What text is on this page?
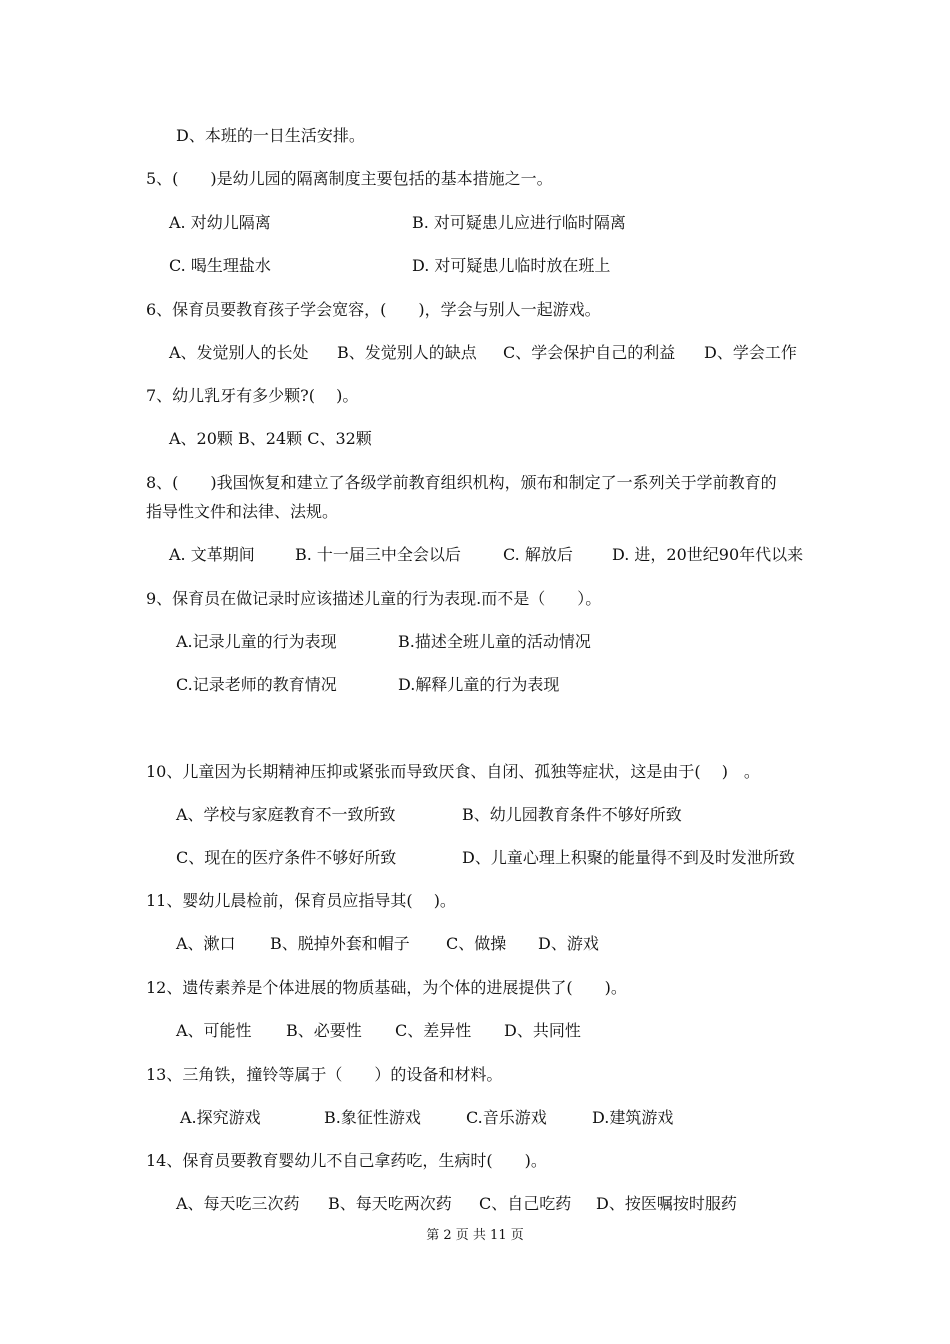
D、本班的一日生活安排。
5、(　　)是幼儿园的隔离制度主要包括的基本措施之一。
A. 对幼儿隔离	B. 对可疑患儿应进行临时隔离
C. 喝生理盐水	D. 对可疑患儿临时放在班上
6、保育员要教育孩子学会宽容，(　　)，学会与别人一起游戏。
A、发觉别人的长处 B、发觉别人的缺点 C、学会保护自己的利益 D、学会工作
7、幼儿乳牙有多少颗?(　 )。
A、20颗 B、24颗 C、32颗
8、(　　)我国恢复和建立了各级学前教育组织机构，颁布和制定了一系列关于学前教育的
指导性文件和法律、法规。
A. 文革期间	B. 十一届三中全会以后	C. 解放后 D. 进，20世纪90年代以来
9、保育员在做记录时应该描述儿童的行为表现.而不是（　　）。
A.记录儿童的行为表现	B.描述全班儿童的活动情况
C.记录老师的教育情况	D.解释儿童的行为表现
10、儿童因为长期精神压抑或紧张而导致厌食、自闭、孤独等症状，这是由于(　 )　。
A、学校与家庭教育不一致所致	B、幼儿园教育条件不够好所致
C、现在的医疗条件不够好所致	D、儿童心理上积聚的能量得不到及时发泄所致
11、婴幼儿晨检前，保育员应指导其(　 )。
A、漱口 B、脱掉外套和帽子 C、做操 D、游戏
12、遗传素养是个体进展的物质基础，为个体的进展提供了(　　)。
A、可能性 B、必要性 C、差异性 D、共同性
13、三角铁，撞铃等属于（　　）的设备和材料。
A.探究游戏	B.象征性游戏	C.音乐游戏	D.建筑游戏
14、保育员要教育婴幼儿不自己拿药吃，生病时(　　)。
A、每天吃三次药 B、每天吃两次药 C、自己吃药 D、按医嘱按时服药
第 2 页 共 11 页
